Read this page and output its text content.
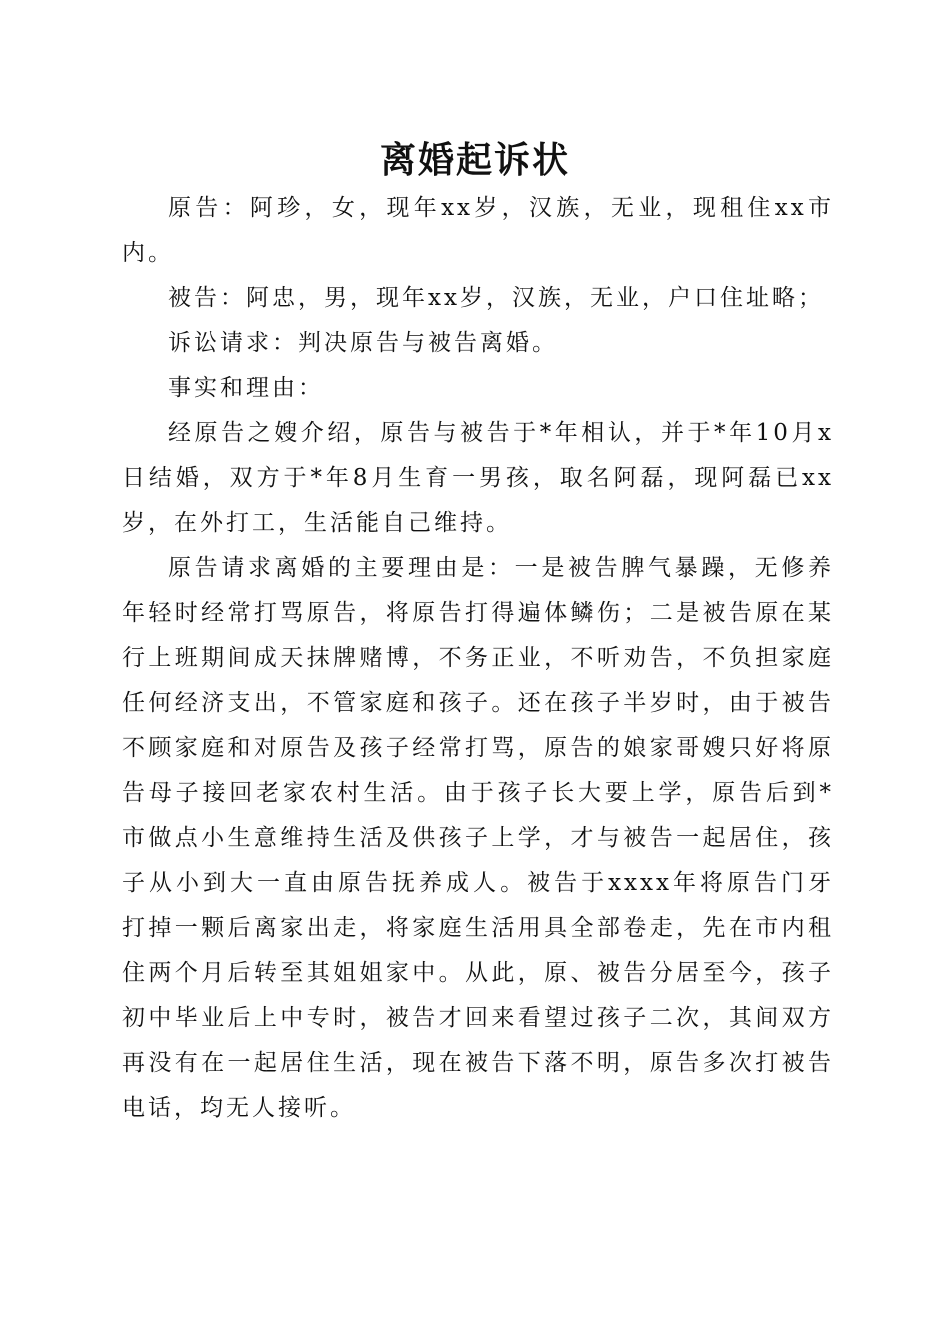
离婚起诉状

原告：阿珍，女，现年xx岁，汉族，无业，现租住xx市内。

被告：阿忠，男，现年xx岁，汉族，无业，户口住址略；

诉讼请求：判决原告与被告离婚。

事实和理由：

经原告之嫂介绍，原告与被告于*年相认，并于*年10月x日结婚，双方于*年8月生育一男孩，取名阿磊，现阿磊已xx岁，在外打工，生活能自己维持。

原告请求离婚的主要理由是：一是被告脾气暴躁，无修养年轻时经常打骂原告，将原告打得遍体鳞伤；二是被告原在某行上班期间成天抹牌赌博，不务正业，不听劝告，不负担家庭任何经济支出，不管家庭和孩子。还在孩子半岁时，由于被告不顾家庭和对原告及孩子经常打骂，原告的娘家哥嫂只好将原告母子接回老家农村生活。由于孩子长大要上学，原告后到*市做点小生意维持生活及供孩子上学，才与被告一起居住，孩子从小到大一直由原告抚养成人。被告于xxxx年将原告门牙打掉一颗后离家出走，将家庭生活用具全部卷走，先在市内租住两个月后转至其姐姐家中。从此，原、被告分居至今，孩子初中毕业后上中专时，被告才回来看望过孩子二次，其间双方再没有在一起居住生活，现在被告下落不明，原告多次打被告电话，均无人接听。
